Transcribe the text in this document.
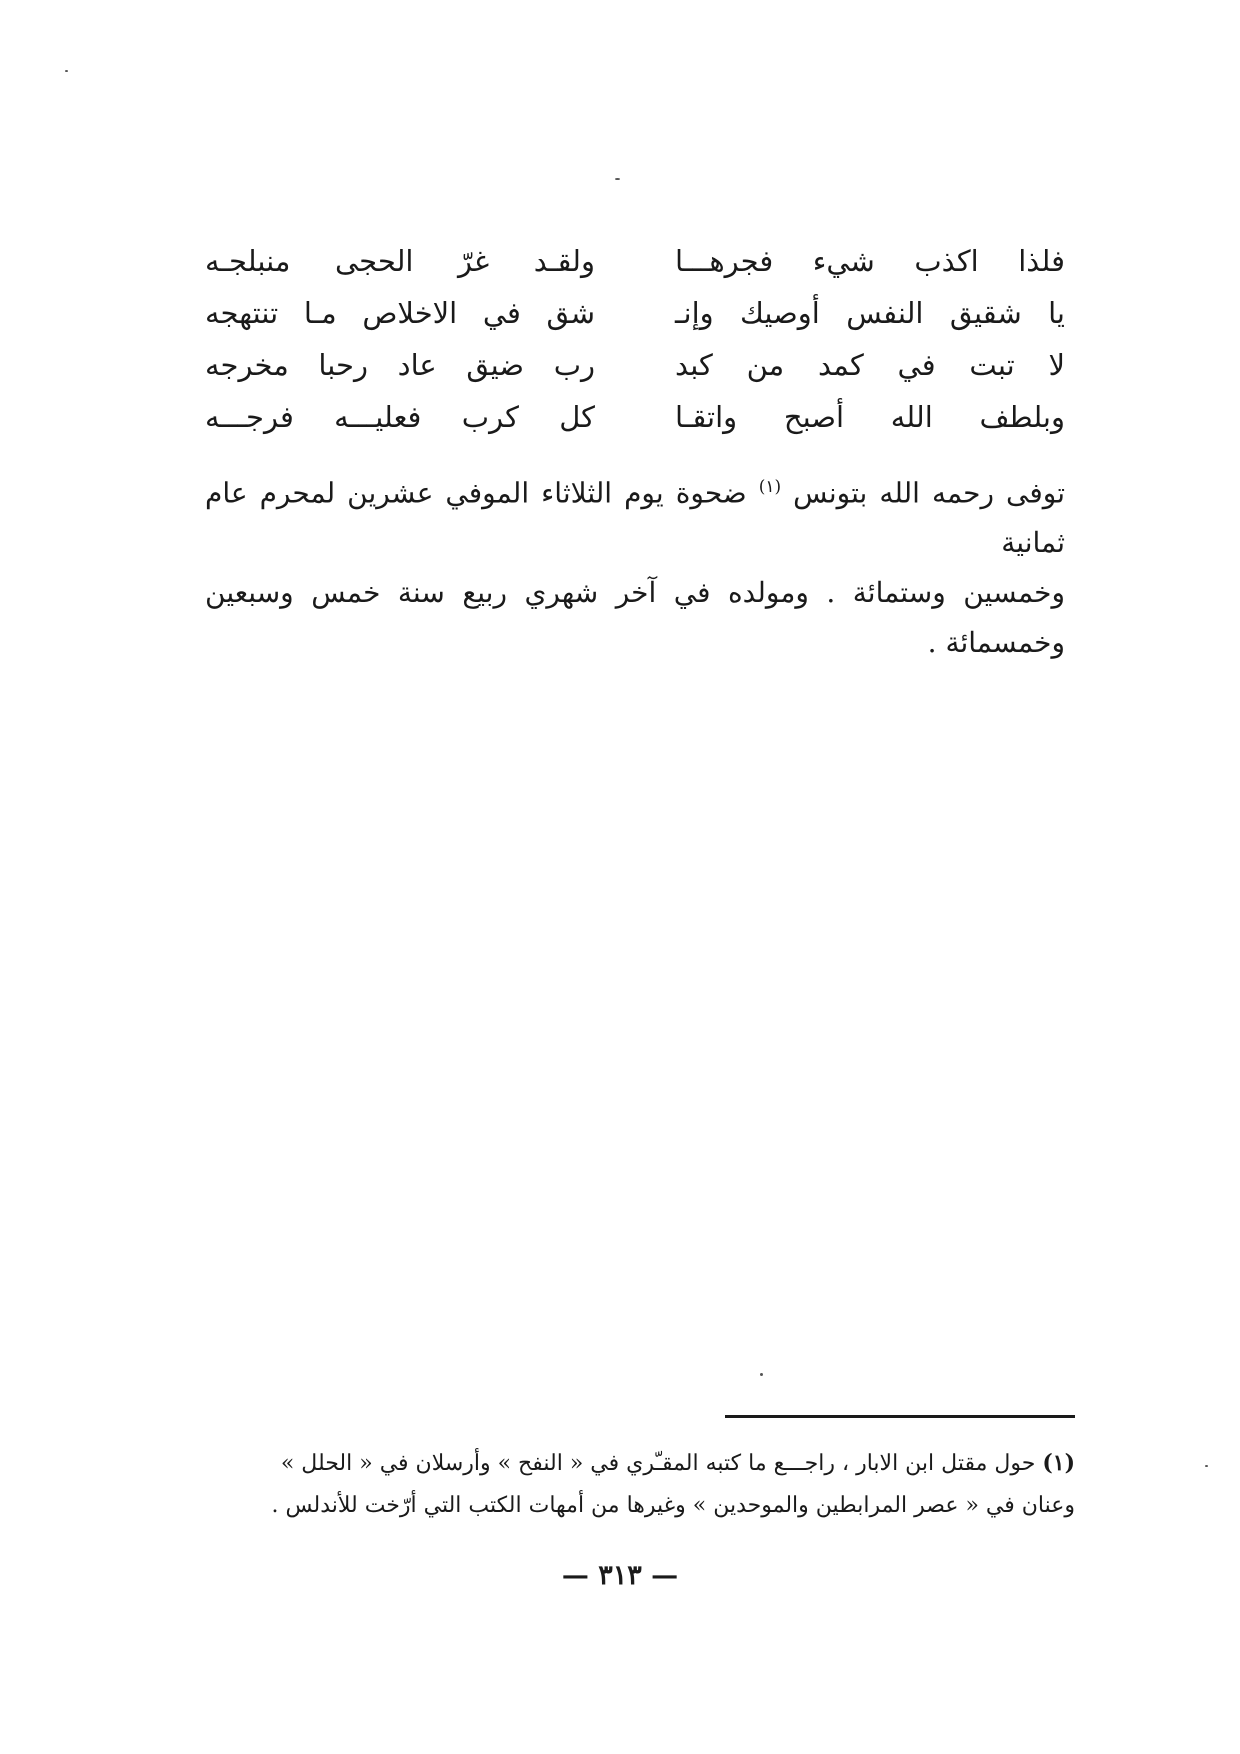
فلذا اكذب شيء فجرهـــا
ولقـد غرّ الحجى منبلجـه
يا شقيق النفس أوصيك وإنـ
شق في الاخلاص مـا تنتهجه
لا تبت في كمد من كبد
رب ضيق عاد رحبا مخرجه
وبلطف الله أصبح واتقـا
كل كرب فعليـــه فرجـــه

توفى رحمه الله بتونس $^{(١)}$ ضحوة يوم الثلاثاء الموفي عشرين لمحرم عام ثمانية

وخمسين وستمائة . ومولده في آخر شهري ربيع سنة خمس وسبعين وخمسمائة .

(١) حول مقتل ابن الابار ، راجـــع ما كتبه المقـّري في « النفح » وأرسلان في « الحلل »

وعنان في « عصر المرابطين والموحدين » وغيرها من أمهات الكتب التي أرّخت للأندلس .

— ٣١٣ —
